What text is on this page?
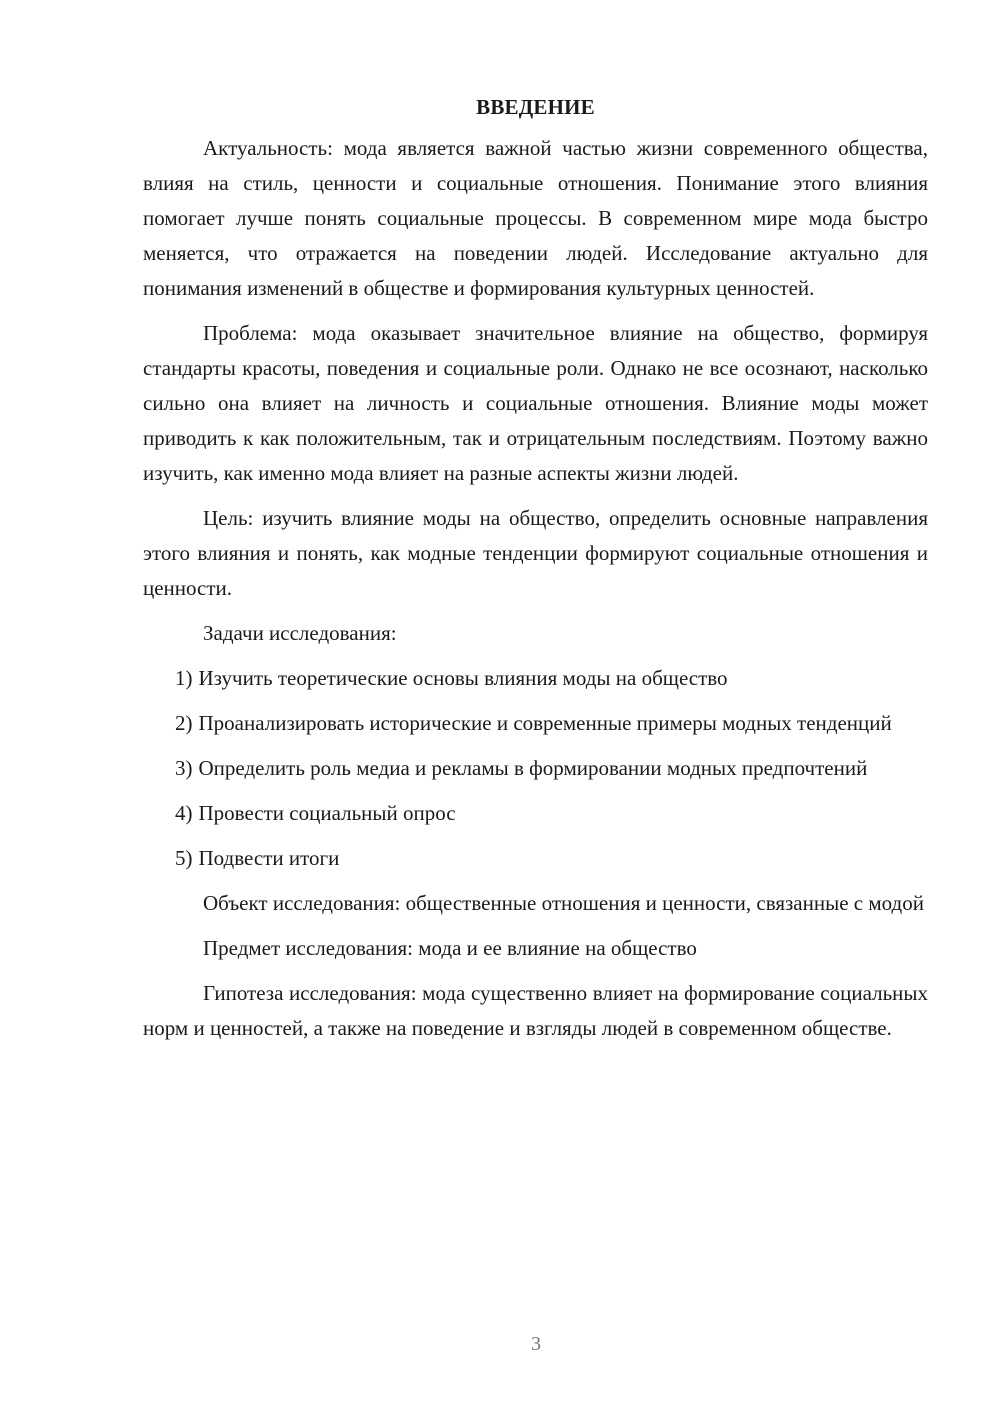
ВВЕДЕНИЕ

Актуальность: мода является важной частью жизни современного общества, влияя на стиль, ценности и социальные отношения. Понимание этого влияния помогает лучше понять социальные процессы. В современном мире мода быстро меняется, что отражается на поведении людей. Исследование актуально для понимания изменений в обществе и формирования культурных ценностей.

Проблема: мода оказывает значительное влияние на общество, формируя стандарты красоты, поведения и социальные роли. Однако не все осознают, насколько сильно она влияет на личность и социальные отношения. Влияние моды может приводить к как положительным, так и отрицательным последствиям. Поэтому важно изучить, как именно мода влияет на разные аспекты жизни людей.

Цель: изучить влияние моды на общество, определить основные направления этого влияния и понять, как модные тенденции формируют социальные отношения и ценности.

Задачи исследования:

1) Изучить теоретические основы влияния моды на общество

2) Проанализировать исторические и современные примеры модных тенденций

3) Определить роль медиа и рекламы в формировании модных предпочтений

4) Провести социальный опрос

5) Подвести итоги

Объект исследования: общественные отношения и ценности, связанные с модой

Предмет исследования: мода и ее влияние на общество

Гипотеза исследования: мода существенно влияет на формирование социальных норм и ценностей, а также на поведение и взгляды людей в современном обществе.

3
